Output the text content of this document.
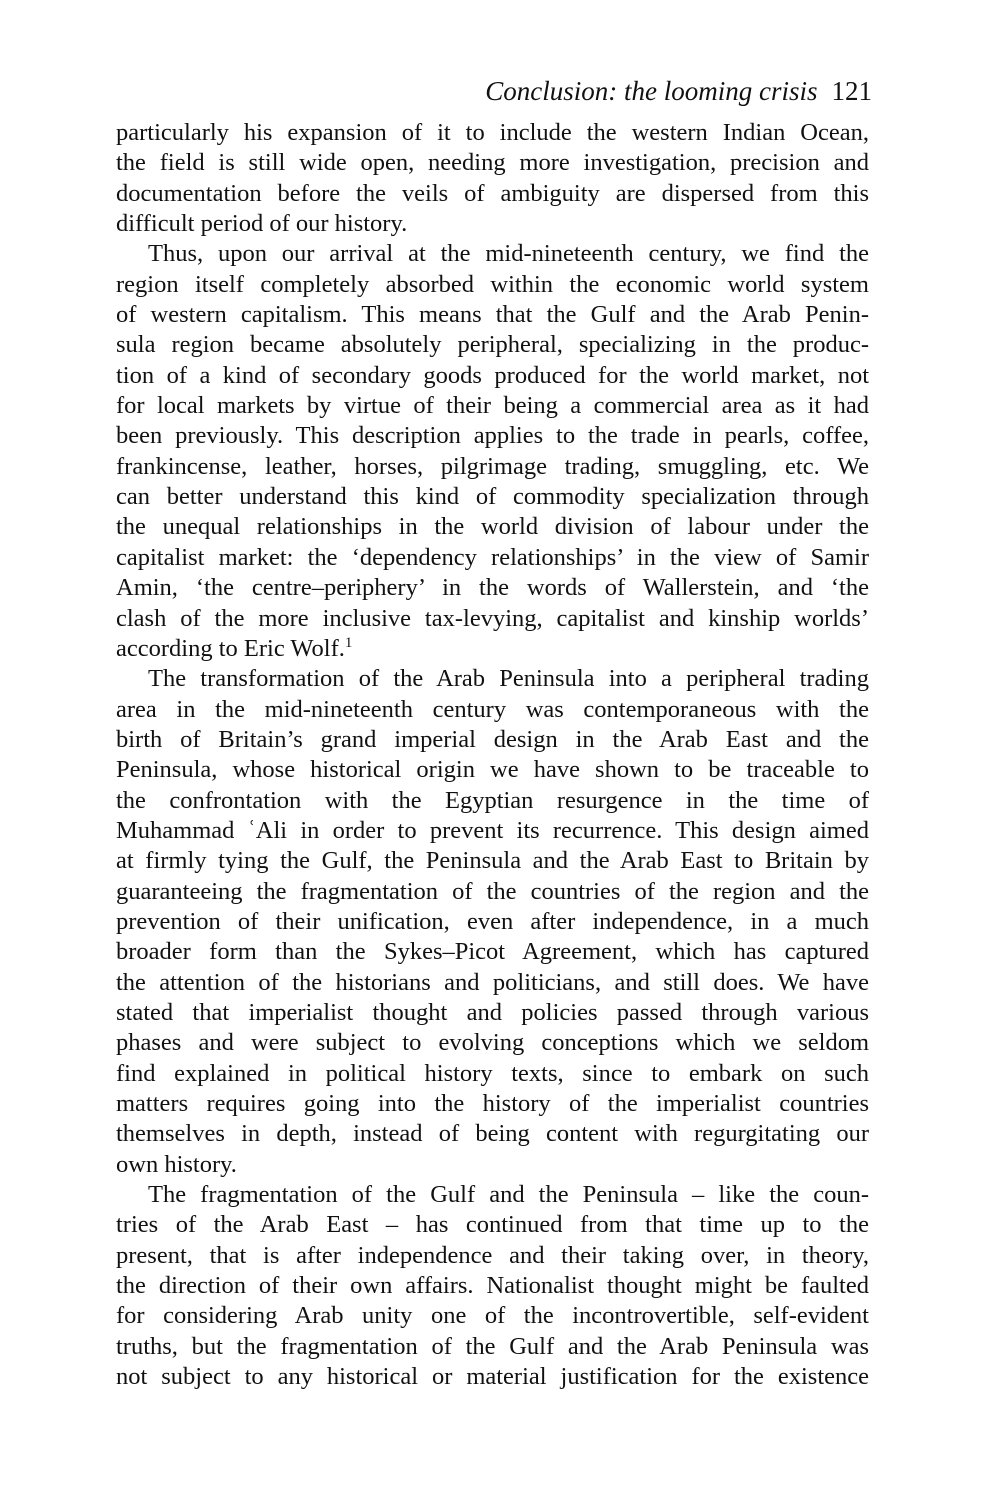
Conclusion: the looming crisis 121
particularly his expansion of it to include the western Indian Ocean,
the field is still wide open, needing more investigation, precision and
documentation before the veils of ambiguity are dispersed from this
difficult period of our history.
Thus, upon our arrival at the mid-nineteenth century, we find the
region itself completely absorbed within the economic world system
of western capitalism. This means that the Gulf and the Arab Penin-
sula region became absolutely peripheral, specializing in the produc-
tion of a kind of secondary goods produced for the world market, not
for local markets by virtue of their being a commercial area as it had
been previously. This description applies to the trade in pearls, coffee,
frankincense, leather, horses, pilgrimage trading, smuggling, etc. We
can better understand this kind of commodity specialization through
the unequal relationships in the world division of labour under the
capitalist market: the ‘dependency relationships’ in the view of Samir
Amin, ‘the centre–periphery’ in the words of Wallerstein, and ‘the
clash of the more inclusive tax-levying, capitalist and kinship worlds’
according to Eric Wolf.$^1$
The transformation of the Arab Peninsula into a peripheral trading
area in the mid-nineteenth century was contemporaneous with the
birth of Britain’s grand imperial design in the Arab East and the
Peninsula, whose historical origin we have shown to be traceable to
the confrontation with the Egyptian resurgence in the time of
Muhammad ʿAli in order to prevent its recurrence. This design aimed
at firmly tying the Gulf, the Peninsula and the Arab East to Britain by
guaranteeing the fragmentation of the countries of the region and the
prevention of their unification, even after independence, in a much
broader form than the Sykes–Picot Agreement, which has captured
the attention of the historians and politicians, and still does. We have
stated that imperialist thought and policies passed through various
phases and were subject to evolving conceptions which we seldom
find explained in political history texts, since to embark on such
matters requires going into the history of the imperialist countries
themselves in depth, instead of being content with regurgitating our
own history.
The fragmentation of the Gulf and the Peninsula – like the coun-
tries of the Arab East – has continued from that time up to the
present, that is after independence and their taking over, in theory,
the direction of their own affairs. Nationalist thought might be faulted
for considering Arab unity one of the incontrovertible, self-evident
truths, but the fragmentation of the Gulf and the Arab Peninsula was
not subject to any historical or material justification for the existence
